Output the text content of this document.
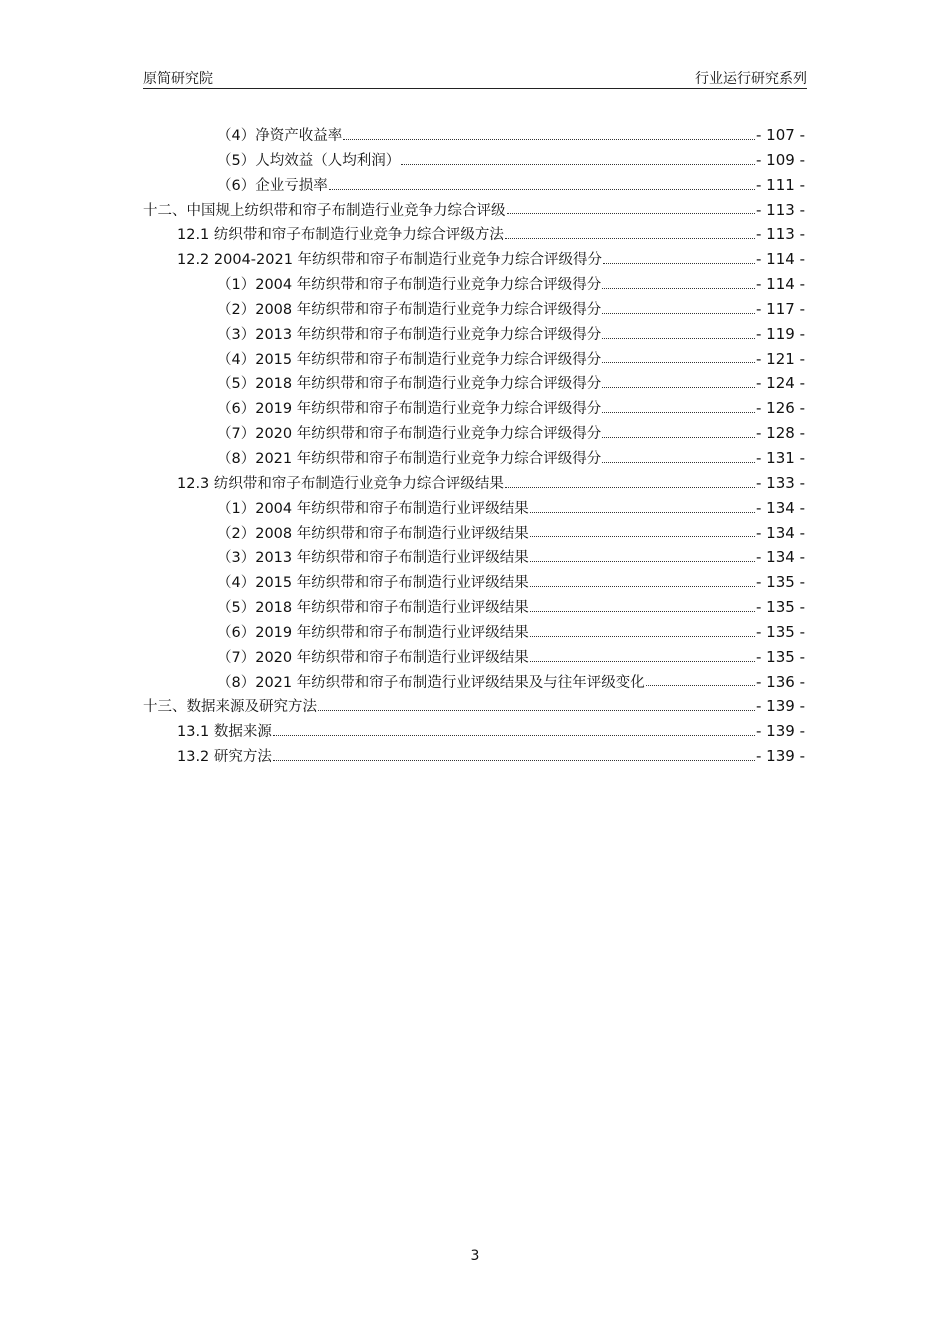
原简研究院	行业运行研究系列
（4）净资产收益率	- 107 -
（5）人均效益（人均利润）	- 109 -
（6）企业亏损率	- 111 -
十二、中国规上纺织带和帘子布制造行业竞争力综合评级	- 113 -
12.1 纺织带和帘子布制造行业竞争力综合评级方法	- 113 -
12.2 2004-2021 年纺织带和帘子布制造行业竞争力综合评级得分	- 114 -
（1）2004 年纺织带和帘子布制造行业竞争力综合评级得分	- 114 -
（2）2008 年纺织带和帘子布制造行业竞争力综合评级得分	- 117 -
（3）2013 年纺织带和帘子布制造行业竞争力综合评级得分	- 119 -
（4）2015 年纺织带和帘子布制造行业竞争力综合评级得分	- 121 -
（5）2018 年纺织带和帘子布制造行业竞争力综合评级得分	- 124 -
（6）2019 年纺织带和帘子布制造行业竞争力综合评级得分	- 126 -
（7）2020 年纺织带和帘子布制造行业竞争力综合评级得分	- 128 -
（8）2021 年纺织带和帘子布制造行业竞争力综合评级得分	- 131 -
12.3 纺织带和帘子布制造行业竞争力综合评级结果	- 133 -
（1）2004 年纺织带和帘子布制造行业评级结果	- 134 -
（2）2008 年纺织带和帘子布制造行业评级结果	- 134 -
（3）2013 年纺织带和帘子布制造行业评级结果	- 134 -
（4）2015 年纺织带和帘子布制造行业评级结果	- 135 -
（5）2018 年纺织带和帘子布制造行业评级结果	- 135 -
（6）2019 年纺织带和帘子布制造行业评级结果	- 135 -
（7）2020 年纺织带和帘子布制造行业评级结果	- 135 -
（8）2021 年纺织带和帘子布制造行业评级结果及与往年评级变化	- 136 -
十三、数据来源及研究方法	- 139 -
13.1 数据来源	- 139 -
13.2 研究方法	- 139 -
3
